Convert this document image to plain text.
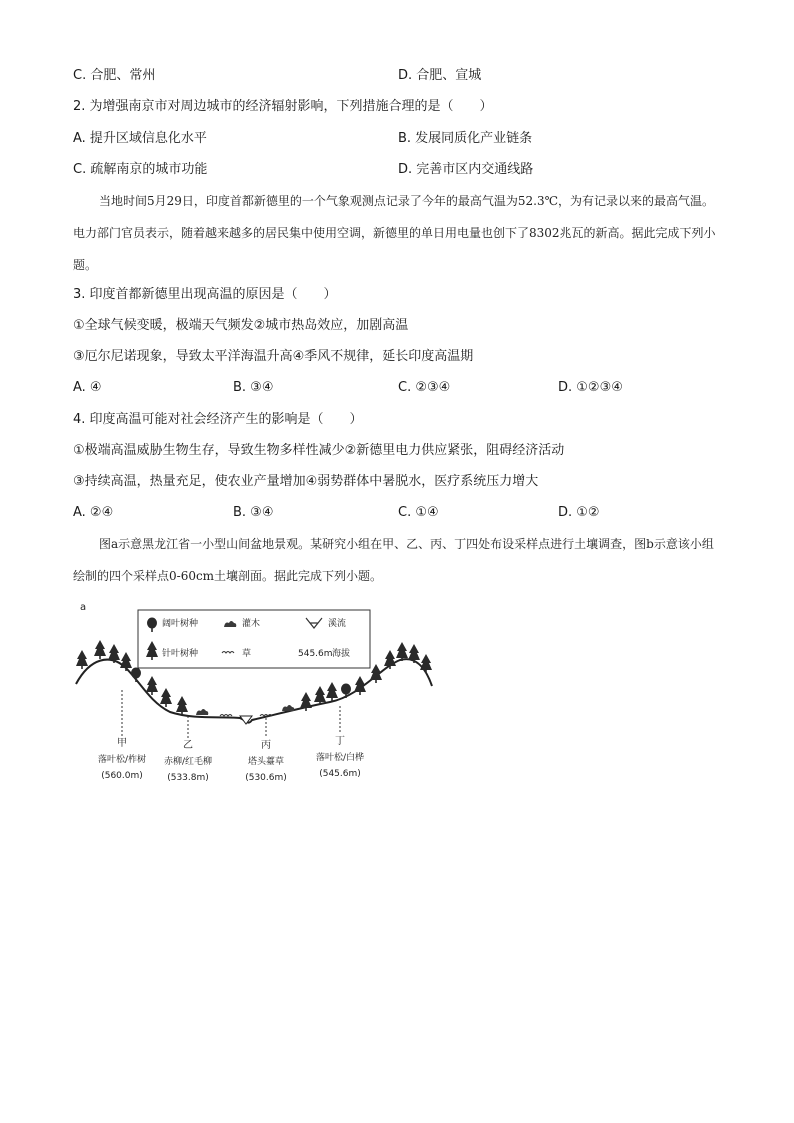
C. 合肥、常州	D. 合肥、宣城
2. 为增强南京市对周边城市的经济辐射影响，下列措施合理的是（　　）
A. 提升区域信息化水平	B. 发展同质化产业链条
C. 疏解南京的城市功能	D. 完善市区内交通线路
当地时间5月29日，印度首都新德里的一个气象观测点记录了今年的最高气温为52.3℃，为有记录以来的最高气温。电力部门官员表示，随着越来越多的居民集中使用空调，新德里的单日用电量也创下了8302兆瓦的新高。据此完成下列小题。
3. 印度首都新德里出现高温的原因是（　　）
①全球气候变暖，极端天气频发②城市热岛效应，加剧高温
③厄尔尼诺现象，导致太平洋海温升高④季风不规律，延长印度高温期
A. ④	B. ③④	C. ②③④	D. ①②③④
4. 印度高温可能对社会经济产生的影响是（　　）
①极端高温威胁生物生存，导致生物多样性减少②新德里电力供应紧张，阻碍经济活动
③持续高温，热量充足，使农业产量增加④弱势群体中暑脱水，医疗系统压力增大
A. ②④	B. ③④	C. ①④	D. ①②
图a示意黑龙江省一小型山间盆地景观。某研究小组在甲、乙、丙、丁四处布设采样点进行土壤调查，图b示意该小组绘制的四个采样点0-60cm土壤剖面。据此完成下列小题。
a
阔叶树种	灌木	溪流
针叶树种	草	545.6m 海拔
甲
落叶松/柞树
(560.0m)
乙
赤柳/红毛柳
(533.8m)
丙
塔头薹草
(530.6m)
丁
落叶松/白桦
(545.6m)
